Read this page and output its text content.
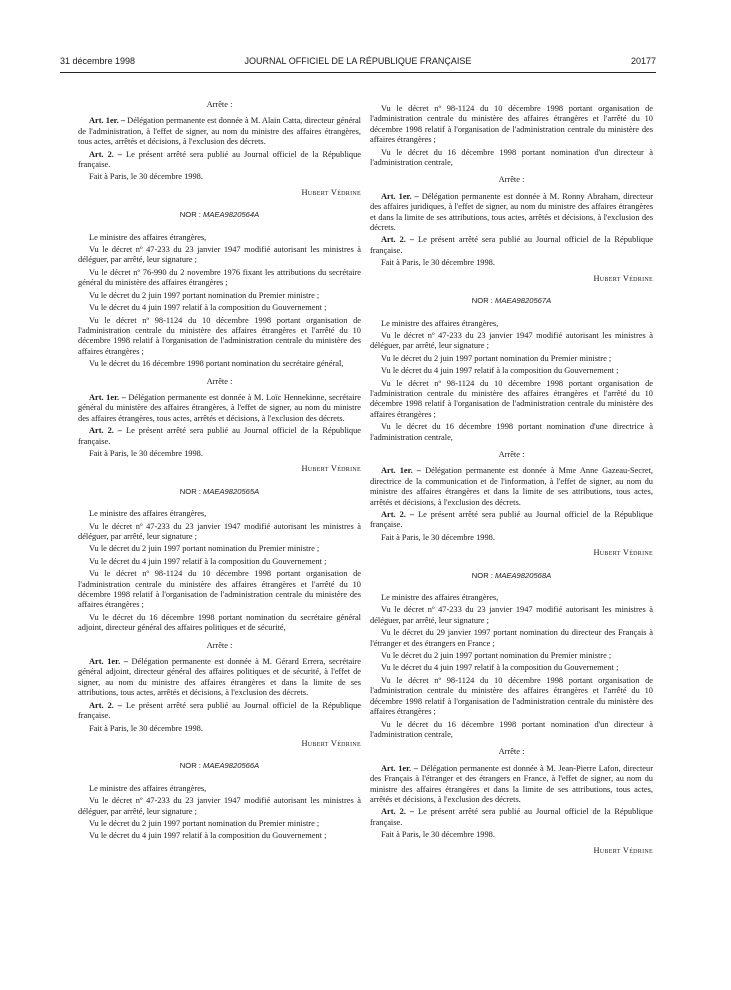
31 décembre 1998	JOURNAL OFFICIEL DE LA RÉPUBLIQUE FRANÇAISE	20177

Arrête :

Art. 1er. – Délégation permanente est donnée à M. Alain Catta, directeur général de l'administration, à l'effet de signer, au nom du ministre des affaires étrangères, tous actes, arrêtés et décisions, à l'exclusion des décrets.

Art. 2. – Le présent arrêté sera publié au Journal officiel de la République française.

Fait à Paris, le 30 décembre 1998.

Hubert Védrine

NOR : MAEA9820564A

Le ministre des affaires étrangères,

Vu le décret nº 47-233 du 23 janvier 1947 modifié autorisant les ministres à déléguer, par arrêté, leur signature ;

Vu le décret nº 76-990 du 2 novembre 1976 fixant les attributions du secrétaire général du ministère des affaires étrangères ;

Vu le décret du 2 juin 1997 portant nomination du Premier ministre ;

Vu le décret du 4 juin 1997 relatif à la composition du Gouvernement ;

Vu le décret nº 98-1124 du 10 décembre 1998 portant organisation de l'administration centrale du ministère des affaires étrangères et l'arrêté du 10 décembre 1998 relatif à l'organisation de l'administration centrale du ministère des affaires étrangères ;

Vu le décret du 16 décembre 1998 portant nomination du secrétaire général,

Arrête :

Art. 1er. – Délégation permanente est donnée à M. Loïc Hennekinne, secrétaire général du ministère des affaires étrangères, à l'effet de signer, au nom du ministre des affaires étrangères, tous actes, arrêtés et décisions, à l'exclusion des décrets.

Art. 2. – Le présent arrêté sera publié au Journal officiel de la République française.

Fait à Paris, le 30 décembre 1998.

Hubert Védrine

NOR : MAEA9820565A

Le ministre des affaires étrangères,

Vu le décret nº 47-233 du 23 janvier 1947 modifié autorisant les ministres à déléguer, par arrêté, leur signature ;

Vu le décret du 2 juin 1997 portant nomination du Premier ministre ;

Vu le décret du 4 juin 1997 relatif à la composition du Gouvernement ;

Vu le décret nº 98-1124 du 10 décembre 1998 portant organisation de l'administration centrale du ministère des affaires étrangères et l'arrêté du 10 décembre 1998 relatif à l'organisation de l'administration centrale du ministère des affaires étrangères ;

Vu le décret du 16 décembre 1998 portant nomination du secrétaire général adjoint, directeur général des affaires politiques et de sécurité,

Arrête :

Art. 1er. – Délégation permanente est donnée à M. Gérard Errera, secrétaire général adjoint, directeur général des affaires politiques et de sécurité, à l'effet de signer, au nom du ministre des affaires étrangères et dans la limite de ses attributions, tous actes, arrêtés et décisions, à l'exclusion des décrets.

Art. 2. – Le présent arrêté sera publié au Journal officiel de la République française.

Fait à Paris, le 30 décembre 1998.

Hubert Védrine

NOR : MAEA9820566A

Le ministre des affaires étrangères,

Vu le décret nº 47-233 du 23 janvier 1947 modifié autorisant les ministres à déléguer, par arrêté, leur signature ;

Vu le décret du 2 juin 1997 portant nomination du Premier ministre ;

Vu le décret du 4 juin 1997 relatif à la composition du Gouvernement ;

Vu le décret nº 98-1124 du 10 décembre 1998 portant organisation de l'administration centrale du ministère des affaires étrangères et l'arrêté du 10 décembre 1998 relatif à l'organisation de l'administration centrale du ministère des affaires étrangères ;

Vu le décret du 16 décembre 1998 portant nomination d'un directeur à l'administration centrale,

Arrête :

Art. 1er. – Délégation permanente est donnée à M. Ronny Abraham, directeur des affaires juridiques, à l'effet de signer, au nom du ministre des affaires étrangères et dans la limite de ses attributions, tous actes, arrêtés et décisions, à l'exclusion des décrets.

Art. 2. – Le présent arrêté sera publié au Journal officiel de la République française.

Fait à Paris, le 30 décembre 1998.

Hubert Védrine

NOR : MAEA9820567A

Le ministre des affaires étrangères,

Vu le décret nº 47-233 du 23 janvier 1947 modifié autorisant les ministres à déléguer, par arrêté, leur signature ;

Vu le décret du 2 juin 1997 portant nomination du Premier ministre ;

Vu le décret du 4 juin 1997 relatif à la composition du Gouvernement ;

Vu le décret nº 98-1124 du 10 décembre 1998 portant organisation de l'administration centrale du ministère des affaires étrangères et l'arrêté du 10 décembre 1998 relatif à l'organisation de l'administration centrale du ministère des affaires étrangères ;

Vu le décret du 16 décembre 1998 portant nomination d'une directrice à l'administration centrale,

Arrête :

Art. 1er. – Délégation permanente est donnée à Mme Anne Gazeau-Secret, directrice de la communication et de l'information, à l'effet de signer, au nom du ministre des affaires étrangères et dans la limite de ses attributions, tous actes, arrêtés et décisions, à l'exclusion des décrets.

Art. 2. – Le présent arrêté sera publié au Journal officiel de la République française.

Fait à Paris, le 30 décembre 1998.

Hubert Védrine

NOR : MAEA9820568A

Le ministre des affaires étrangères,

Vu le décret nº 47-233 du 23 janvier 1947 modifié autorisant les ministres à déléguer, par arrêté, leur signature ;

Vu le décret du 29 janvier 1997 portant nomination du directeur des Français à l'étranger et des étrangers en France ;

Vu le décret du 2 juin 1997 portant nomination du Premier ministre ;

Vu le décret du 4 juin 1997 relatif à la composition du Gouvernement ;

Vu le décret nº 98-1124 du 10 décembre 1998 portant organisation de l'administration centrale du ministère des affaires étrangères et l'arrêté du 10 décembre 1998 relatif à l'organisation de l'administration centrale du ministère des affaires étrangères ;

Vu le décret du 16 décembre 1998 portant nomination d'un directeur à l'administration centrale,

Arrête :

Art. 1er. – Délégation permanente est donnée à M. Jean-Pierre Lafon, directeur des Français à l'étranger et des étrangers en France, à l'effet de signer, au nom du ministre des affaires étrangères et dans la limite de ses attributions, tous actes, arrêtés et décisions, à l'exclusion des décrets.

Art. 2. – Le présent arrêté sera publié au Journal officiel de la République française.

Fait à Paris, le 30 décembre 1998.

Hubert Védrine
